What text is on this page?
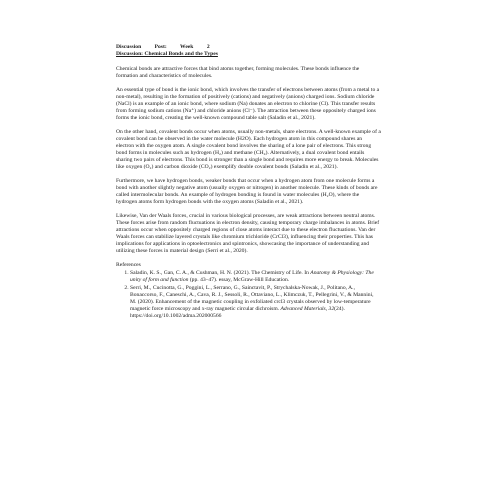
Discussion Post: Week 2
Discussion: Chemical Bonds and the Types

Chemical bonds are attractive forces that bind atoms together, forming molecules. These bonds influence the formation and characteristics of molecules.

An essential type of bond is the ionic bond, which involves the transfer of electrons between atoms (from a metal to a non-metal), resulting in the formation of positively (cations) and negatively (anions) charged ions. Sodium chloride (NaCl) is an example of an ionic bond, where sodium (Na) donates an electron to chlorine (Cl). This transfer results from forming sodium cations (Na⁺) and chloride anions (Cl⁻). The attraction between these oppositely charged ions forms the ionic bond, creating the well-known compound table salt (Saladin et al., 2021).

On the other hand, covalent bonds occur when atoms, usually non-metals, share electrons. A well-known example of a covalent bond can be observed in the water molecule (H2O). Each hydrogen atom in this compound shares an electron with the oxygen atom. A single covalent bond involves the sharing of a lone pair of electrons. This strong bond forms in molecules such as hydrogen (H₂) and methane (CH₄). Alternatively, a dual covalent bond entails sharing two pairs of electrons. This bond is stronger than a single bond and requires more energy to break. Molecules like oxygen (O₂) and carbon dioxide (CO₂) exemplify double covalent bonds (Saladin et al., 2021).

Furthermore, we have hydrogen bonds, weaker bonds that occur when a hydrogen atom from one molecule forms a bond with another slightly negative atom (usually oxygen or nitrogen) in another molecule. These kinds of bonds are called intermolecular bonds. An example of hydrogen bonding is found in water molecules (H₂O), where the hydrogen atoms form hydrogen bonds with the oxygen atoms (Saladin et al., 2021).

Likewise, Van der Waals forces, crucial in various biological processes, are weak attractions between neutral atoms. These forces arise from random fluctuations in electron density, causing temporary charge imbalances in atoms. Brief attractions occur when oppositely charged regions of close atoms interact due to these electron fluctuations. Van der Waals forces can stabilize layered crystals like chromium trichloride (CrCl3), influencing their properties. This has implications for applications in optoelectronics and spintronics, showcasing the importance of understanding and utilizing these forces in material design (Serri et al., 2020).

References
1. Saladin, K. S., Gan, C. A., & Cushman, H. N. (2021). The Chemistry of Life. In Anatomy & Physiology: The unity of form and function (pp. 43–47). essay, McGraw-Hill Education.
2. Serri, M., Cucinotta, G., Poggini, L., Serrano, G., Sainctavit, P., Strychalska-Nowak, J., Politano, A., Bonaccorso, F., Caneschi, A., Cava, R. J., Sessoli, R., Ottaviano, L., Klimczuk, T., Pellegrini, V., & Mannini, M. (2020). Enhancement of the magnetic coupling in exfoliated crcl3 crystals observed by low-temperature magnetic force microscopy and x-ray magnetic circular dichroism. Advanced Materials, 32(24). https://doi.org/10.1002/adma.202000566
